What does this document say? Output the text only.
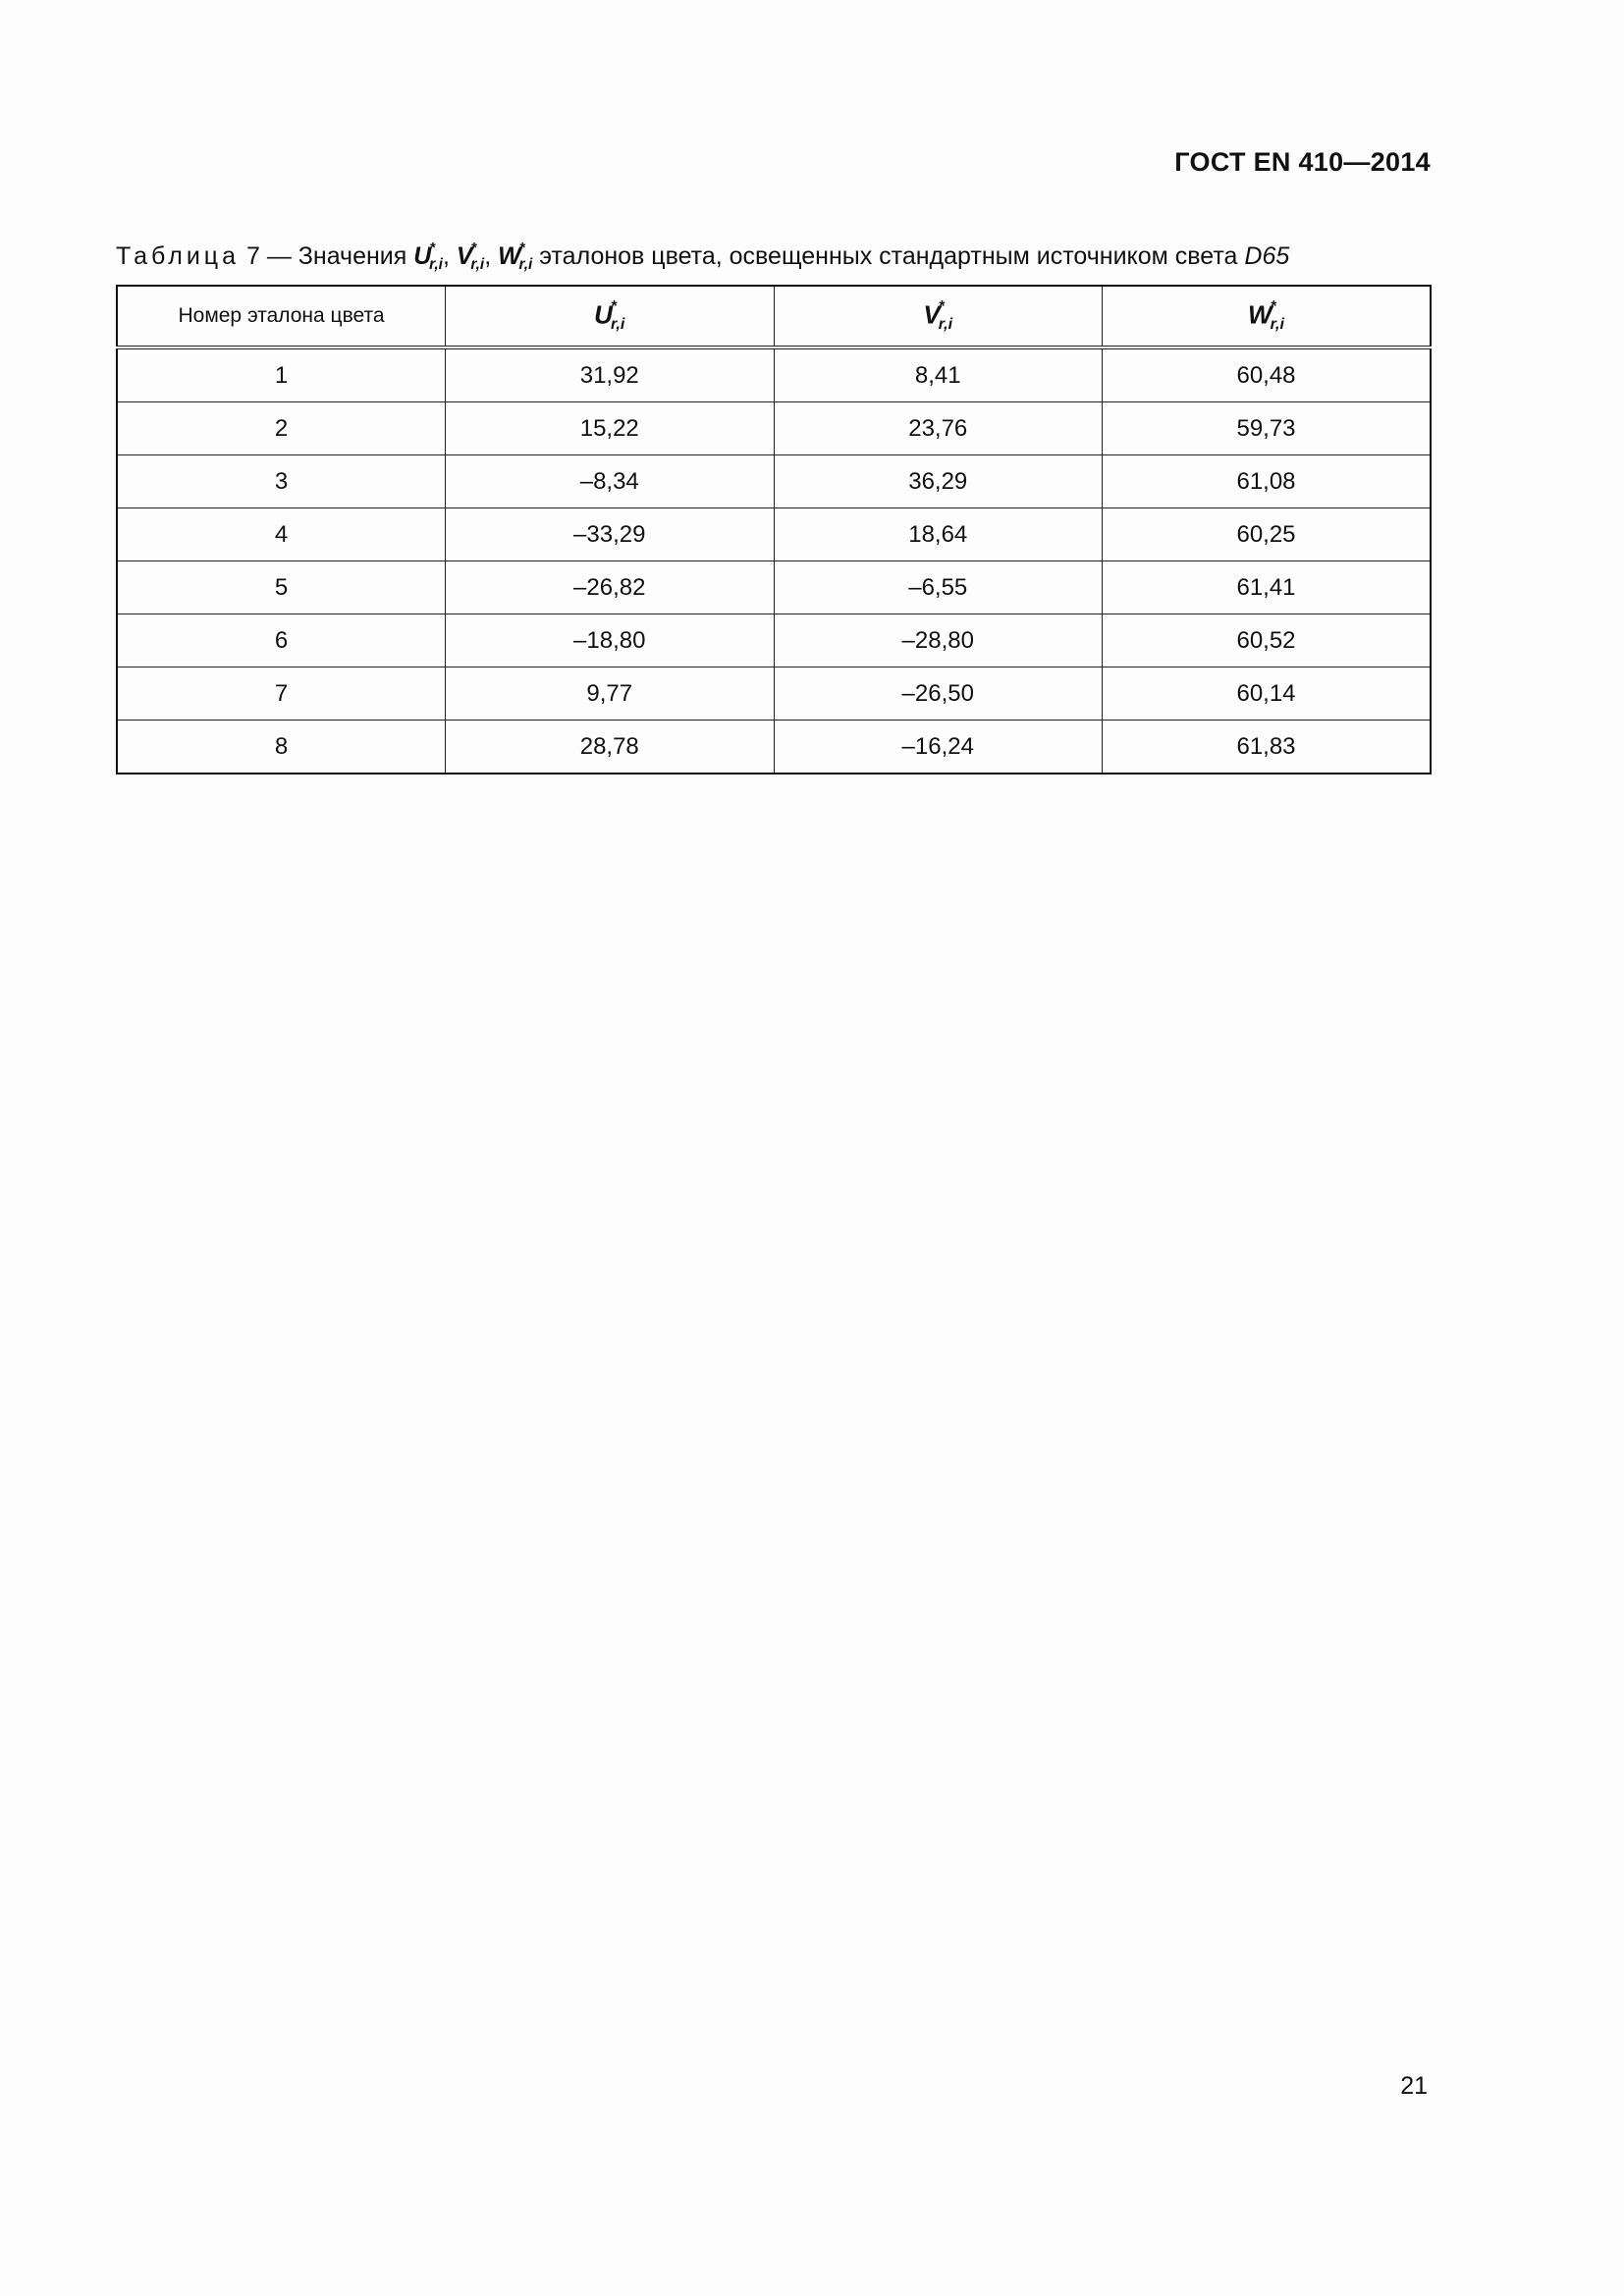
ГОСТ EN 410—2014
Таблица 7 — Значения $U^*_{r,i}$, $V^*_{r,i}$, $W^*_{r,i}$ эталонов цвета, освещенных стандартным источником света D65
Номер эталона цвета	$U^*_{r,i}$	$V^*_{r,i}$	$W^*_{r,i}$
1	31,92	8,41	60,48
2	15,22	23,76	59,73
3	–8,34	36,29	61,08
4	–33,29	18,64	60,25
5	–26,82	–6,55	61,41
6	–18,80	–28,80	60,52
7	9,77	–26,50	60,14
8	28,78	–16,24	61,83
21
